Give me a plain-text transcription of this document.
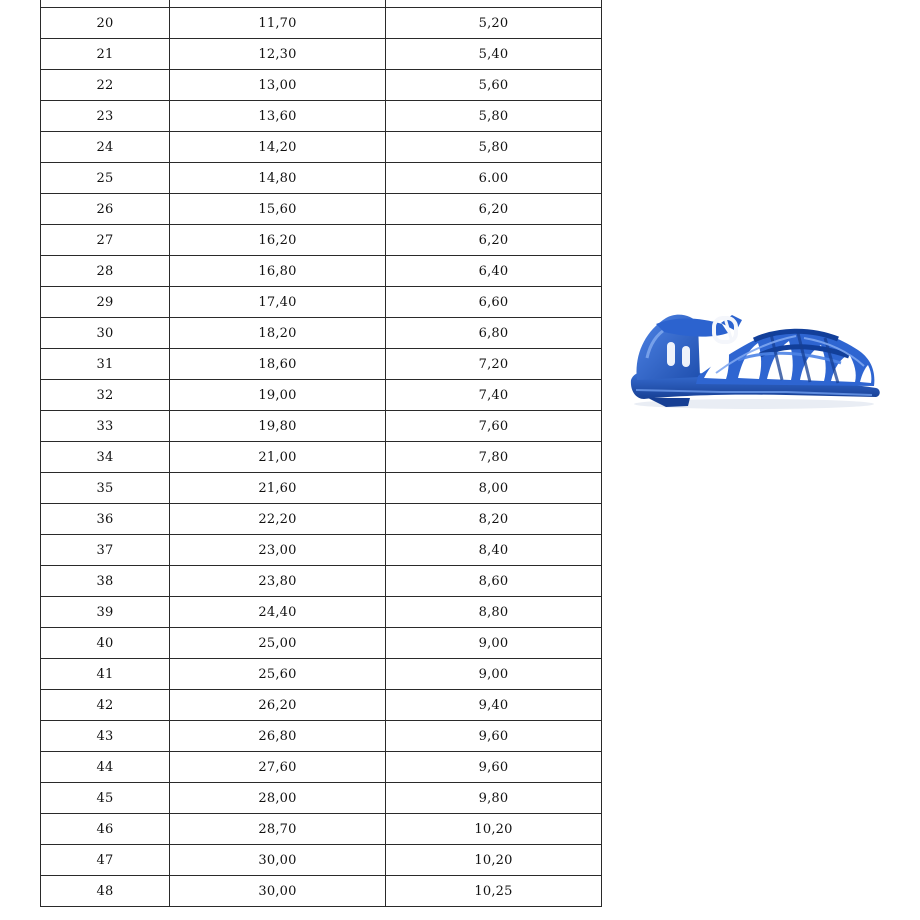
20	11,70	5,20
21	12,30	5,40
22	13,00	5,60
23	13,60	5,80
24	14,20	5,80
25	14,80	6.00
26	15,60	6,20
27	16,20	6,20
28	16,80	6,40
29	17,40	6,60
30	18,20	6,80
31	18,60	7,20
32	19,00	7,40
33	19,80	7,60
34	21,00	7,80
35	21,60	8,00
36	22,20	8,20
37	23,00	8,40
38	23,80	8,60
39	24,40	8,80
40	25,00	9,00
41	25,60	9,00
42	26,20	9,40
43	26,80	9,60
44	27,60	9,60
45	28,00	9,80
46	28,70	10,20
47	30,00	10,20
48	30,00	10,25
